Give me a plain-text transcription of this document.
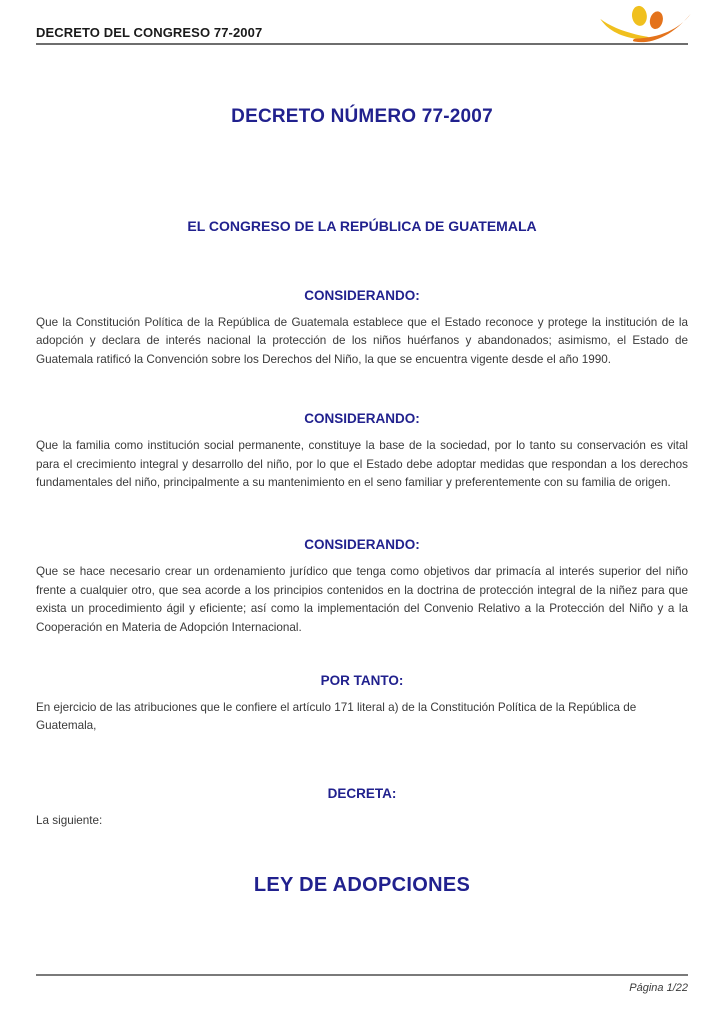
DECRETO DEL CONGRESO 77-2007
DECRETO NÚMERO 77-2007
EL CONGRESO DE LA REPÚBLICA DE GUATEMALA
CONSIDERANDO:

Que la Constitución Política de la República de Guatemala establece que el Estado reconoce y protege la institución de la adopción y declara de interés nacional la protección de los niños huérfanos y abandonados; asimismo, el Estado de Guatemala ratificó la Convención sobre los Derechos del Niño, la que se encuentra vigente desde el año 1990.

CONSIDERANDO:

Que la familia como institución social permanente, constituye la base de la sociedad, por lo tanto su conservación es vital para el crecimiento integral y desarrollo del niño, por lo que el Estado debe adoptar medidas que respondan a los derechos fundamentales del niño, principalmente a su mantenimiento en el seno familiar y preferentemente con su familia de origen.

CONSIDERANDO:

Que se hace necesario crear un ordenamiento jurídico que tenga como objetivos dar primacía al interés superior del niño frente a cualquier otro, que sea acorde a los principios contenidos en la doctrina de protección integral de la niñez para que exista un procedimiento ágil y eficiente; así como la implementación del Convenio Relativo a la Protección del Niño y a la Cooperación en Materia de Adopción Internacional.

POR TANTO:

En ejercicio de las atribuciones que le confiere el artículo 171 literal a) de la Constitución Política de la República de Guatemala,

DECRETA:

La siguiente:

LEY DE ADOPCIONES
Página 1/22
